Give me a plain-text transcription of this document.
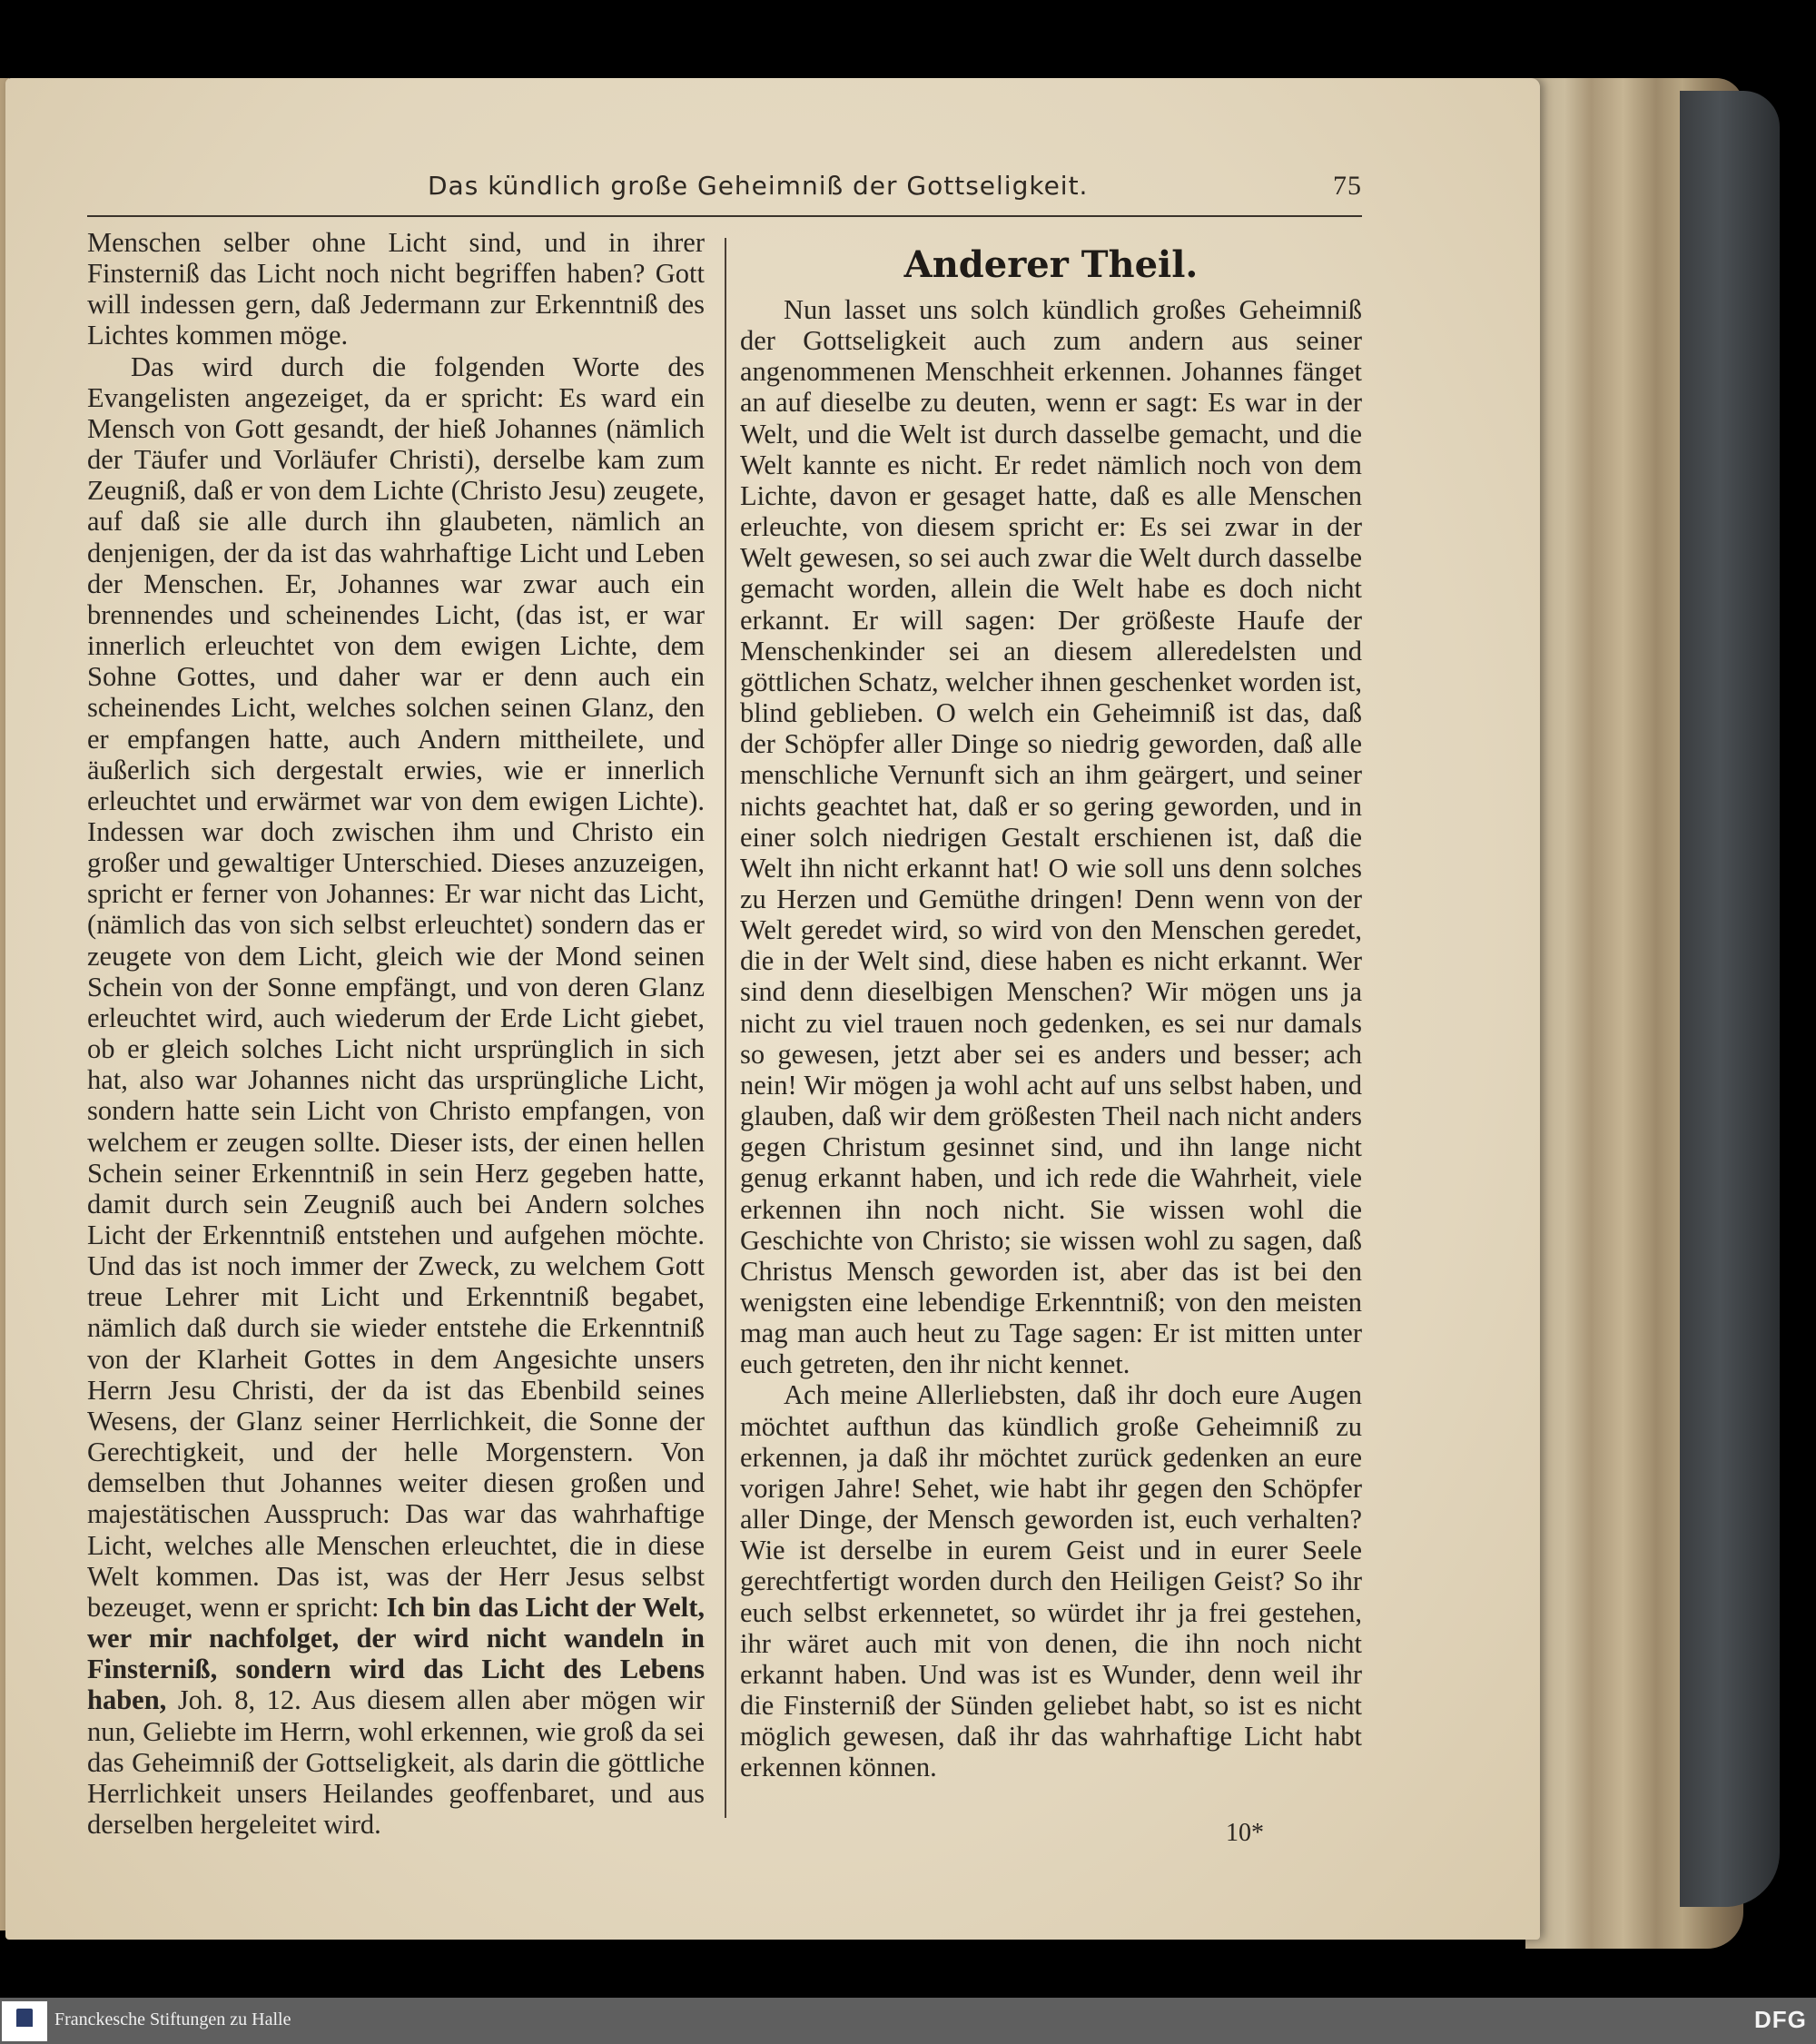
Das kündlich große Geheimniß der Gottseligkeit.	75

Menschen selber ohne Licht sind, und in ihrer Finsterniß das Licht noch nicht begriffen haben? Gott will indessen gern, daß Jedermann zur Erkenntniß des Lichtes kommen möge.

Das wird durch die folgenden Worte des Evangelisten angezeiget, da er spricht: Es ward ein Mensch von Gott gesandt, der hieß Johannes (nämlich der Täufer und Vorläufer Christi), derselbe kam zum Zeugniß, daß er von dem Lichte (Christo Jesu) zeugete, auf daß sie alle durch ihn glaubeten, nämlich an denjenigen, der da ist das wahrhaftige Licht und Leben der Menschen. Er, Johannes war zwar auch ein brennendes und scheinendes Licht, (das ist, er war innerlich erleuchtet von dem ewigen Lichte, dem Sohne Gottes, und daher war er denn auch ein scheinendes Licht, welches solchen seinen Glanz, den er empfangen hatte, auch Andern mittheilete, und äußerlich sich dergestalt erwies, wie er innerlich erleuchtet und erwärmet war von dem ewigen Lichte). Indessen war doch zwischen ihm und Christo ein großer und gewaltiger Unterschied. Dieses anzuzeigen, spricht er ferner von Johannes: Er war nicht das Licht, (nämlich das von sich selbst erleuchtet) sondern das er zeugete von dem Licht, gleich wie der Mond seinen Schein von der Sonne empfängt, und von deren Glanz erleuchtet wird, auch wiederum der Erde Licht giebet, ob er gleich solches Licht nicht ursprünglich in sich hat, also war Johannes nicht das ursprüngliche Licht, sondern hatte sein Licht von Christo empfangen, von welchem er zeugen sollte. Dieser ists, der einen hellen Schein seiner Erkenntniß in sein Herz gegeben hatte, damit durch sein Zeugniß auch bei Andern solches Licht der Erkenntniß entstehen und aufgehen möchte. Und das ist noch immer der Zweck, zu welchem Gott treue Lehrer mit Licht und Erkenntniß begabet, nämlich daß durch sie wieder entstehe die Erkenntniß von der Klarheit Gottes in dem Angesichte unsers Herrn Jesu Christi, der da ist das Ebenbild seines Wesens, der Glanz seiner Herrlichkeit, die Sonne der Gerechtigkeit, und der helle Morgenstern. Von demselben thut Johannes weiter diesen großen und majestätischen Ausspruch: Das war das wahrhaftige Licht, welches alle Menschen erleuchtet, die in diese Welt kommen. Das ist, was der Herr Jesus selbst bezeuget, wenn er spricht: Ich bin das Licht der Welt, wer mir nachfolget, der wird nicht wandeln in Finsterniß, sondern wird das Licht des Lebens haben, Joh. 8, 12. Aus diesem allen aber mögen wir nun, Geliebte im Herrn, wohl erkennen, wie groß da sei das Geheimniß der Gottseligkeit, als darin die göttliche Herrlichkeit unsers Heilandes geoffenbaret, und aus derselben hergeleitet wird.

Anderer Theil.

Nun lasset uns solch kündlich großes Geheimniß der Gottseligkeit auch zum andern aus seiner angenommenen Menschheit erkennen. Johannes fänget an auf dieselbe zu deuten, wenn er sagt: Es war in der Welt, und die Welt ist durch dasselbe gemacht, und die Welt kannte es nicht. Er redet nämlich noch von dem Lichte, davon er gesaget hatte, daß es alle Menschen erleuchte, von diesem spricht er: Es sei zwar in der Welt gewesen, so sei auch zwar die Welt durch dasselbe gemacht worden, allein die Welt habe es doch nicht erkannt. Er will sagen: Der größeste Haufe der Menschenkinder sei an diesem alleredelsten und göttlichen Schatz, welcher ihnen geschenket worden ist, blind geblieben. O welch ein Geheimniß ist das, daß der Schöpfer aller Dinge so niedrig geworden, daß alle menschliche Vernunft sich an ihm geärgert, und seiner nichts geachtet hat, daß er so gering geworden, und in einer solch niedrigen Gestalt erschienen ist, daß die Welt ihn nicht erkannt hat! O wie soll uns denn solches zu Herzen und Gemüthe dringen! Denn wenn von der Welt geredet wird, so wird von den Menschen geredet, die in der Welt sind, diese haben es nicht erkannt. Wer sind denn dieselbigen Menschen? Wir mögen uns ja nicht zu viel trauen noch gedenken, es sei nur damals so gewesen, jetzt aber sei es anders und besser; ach nein! Wir mögen ja wohl acht auf uns selbst haben, und glauben, daß wir dem größesten Theil nach nicht anders gegen Christum gesinnet sind, und ihn lange nicht genug erkannt haben, und ich rede die Wahrheit, viele erkennen ihn noch nicht. Sie wissen wohl die Geschichte von Christo; sie wissen wohl zu sagen, daß Christus Mensch geworden ist, aber das ist bei den wenigsten eine lebendige Erkenntniß; von den meisten mag man auch heut zu Tage sagen: Er ist mitten unter euch getreten, den ihr nicht kennet.

Ach meine Allerliebsten, daß ihr doch eure Augen möchtet aufthun das kündlich große Geheimniß zu erkennen, ja daß ihr möchtet zurück gedenken an eure vorigen Jahre! Sehet, wie habt ihr gegen den Schöpfer aller Dinge, der Mensch geworden ist, euch verhalten? Wie ist derselbe in eurem Geist und in eurer Seele gerechtfertigt worden durch den Heiligen Geist? So ihr euch selbst erkennetet, so würdet ihr ja frei gestehen, ihr wäret auch mit von denen, die ihn noch nicht erkannt haben. Und was ist es Wunder, denn weil ihr die Finsterniß der Sünden geliebet habt, so ist es nicht möglich gewesen, daß ihr das wahrhaftige Licht habt erkennen können.

10*
Franckesche Stiftungen zu Halle	DFG
